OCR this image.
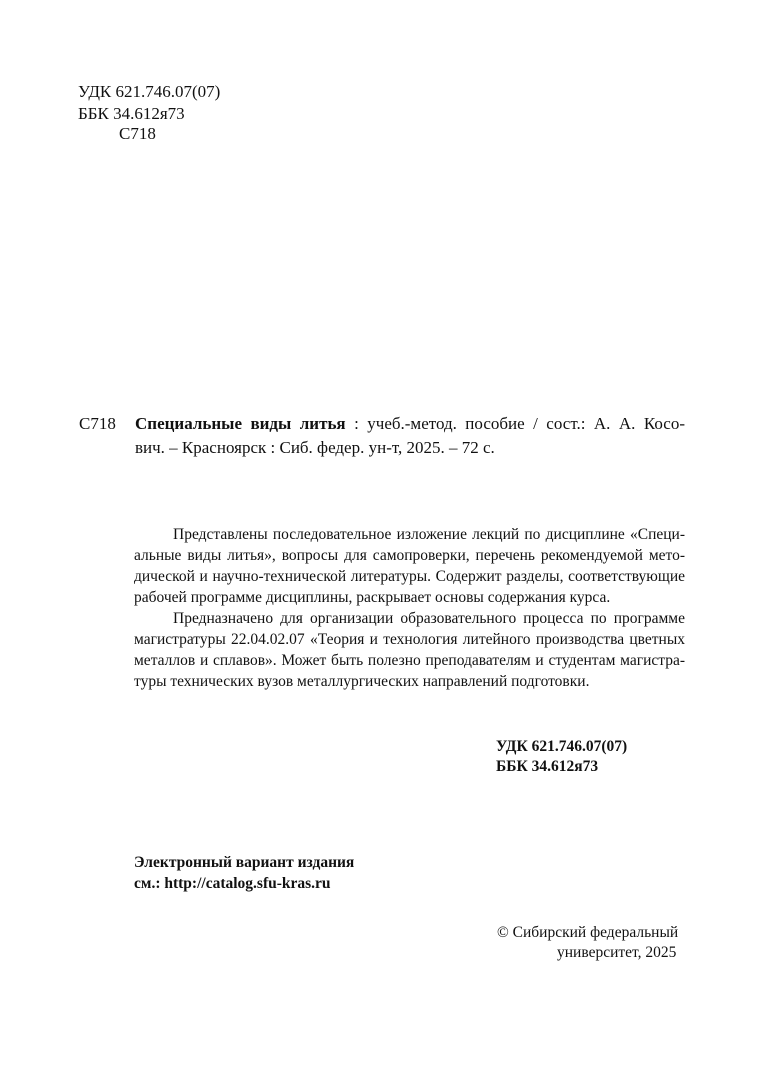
УДК 621.746.07(07)
ББК 34.612я73
С718
С718 Специальные виды литья : учеб.-метод. пособие / сост.: А. А. Косо-
вич. – Красноярск : Сиб. федер. ун-т, 2025. – 72 с.
Представлены последовательное изложение лекций по дисциплине «Специ-
альные виды литья», вопросы для самопроверки, перечень рекомендуемой мето-
дической и научно-технической литературы. Содержит разделы, соответствующие
рабочей программе дисциплины, раскрывает основы содержания курса.
Предназначено для организации образовательного процесса по программе
магистратуры 22.04.02.07 «Теория и технология литейного производства цветных
металлов и сплавов». Может быть полезно преподавателям и студентам магистра-
туры технических вузов металлургических направлений подготовки.
УДК 621.746.07(07)
ББК 34.612я73
Электронный вариант издания
см.: http://catalog.sfu-kras.ru
© Сибирский федеральный
университет, 2025
